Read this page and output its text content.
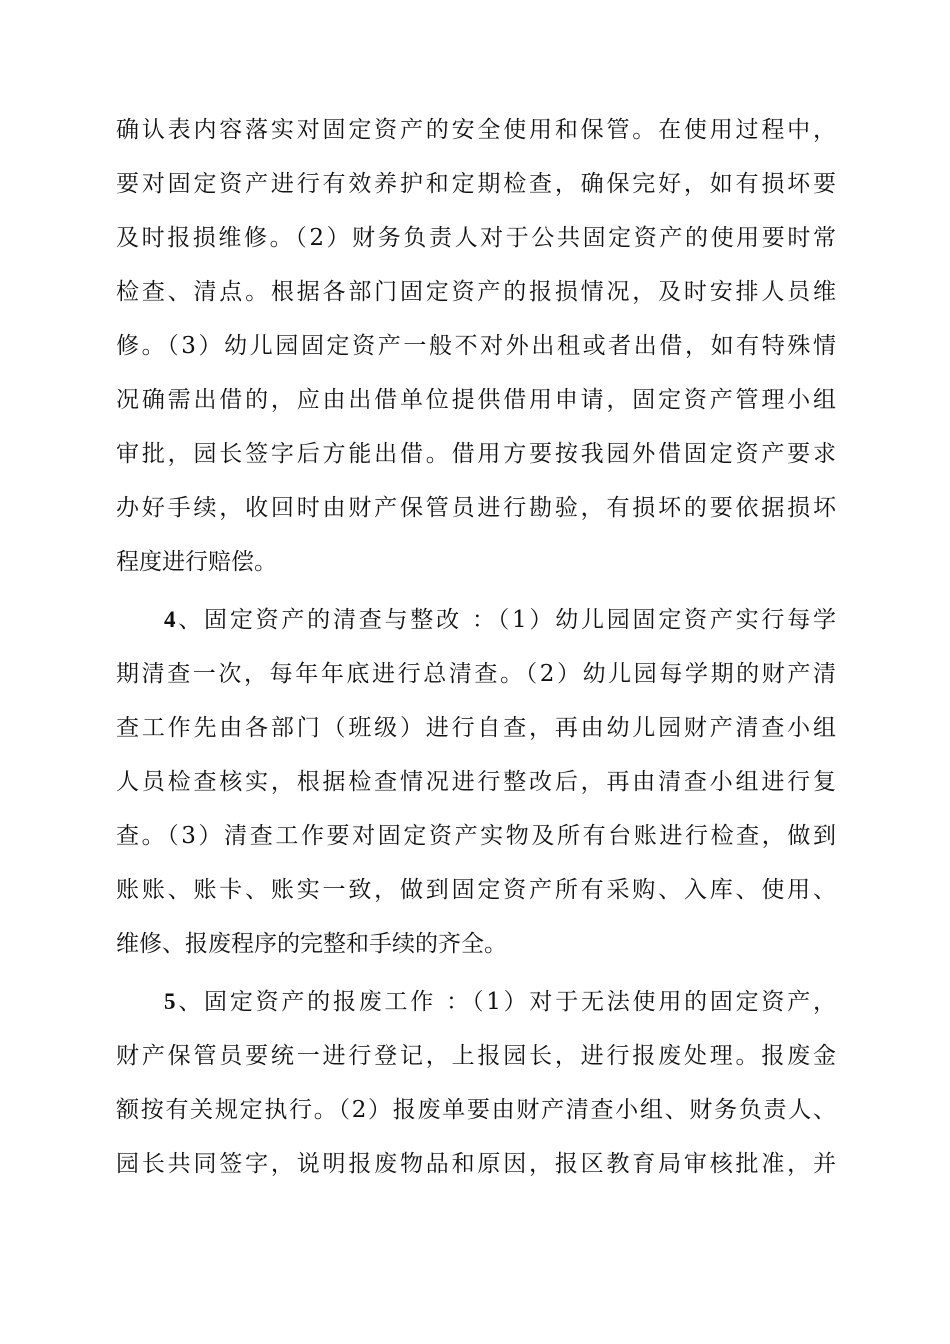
确认表内容落实对固定资产的安全使用和保管。在使用过程中，
要对固定资产进行有效养护和定期检查，确保完好，如有损坏要
及时报损维修。（2）财务负责人对于公共固定资产的使用要时常
检查、清点。根据各部门固定资产的报损情况，及时安排人员维
修。（3）幼儿园固定资产一般不对外出租或者出借，如有特殊情
况确需出借的，应由出借单位提供借用申请，固定资产管理小组
审批，园长签字后方能出借。借用方要按我园外借固定资产要求
办好手续，收回时由财产保管员进行勘验，有损坏的要依据损坏
程度进行赔偿。
4、固定资产的清查与整改 ：（1）幼儿园固定资产实行每学
期清查一次，每年年底进行总清查。（2）幼儿园每学期的财产清
查工作先由各部门（班级）进行自查，再由幼儿园财产清查小组
人员检查核实，根据检查情况进行整改后，再由清查小组进行复
查。（3）清查工作要对固定资产实物及所有台账进行检查，做到
账账、账卡、账实一致，做到固定资产所有采购、入库、使用、
维修、报废程序的完整和手续的齐全。
5、固定资产的报废工作 ：（1）对于无法使用的固定资产，
财产保管员要统一进行登记，上报园长，进行报废处理。报废金
额按有关规定执行。（2）报废单要由财产清查小组、财务负责人、
园长共同签字，说明报废物品和原因，报区教育局审核批准，并
